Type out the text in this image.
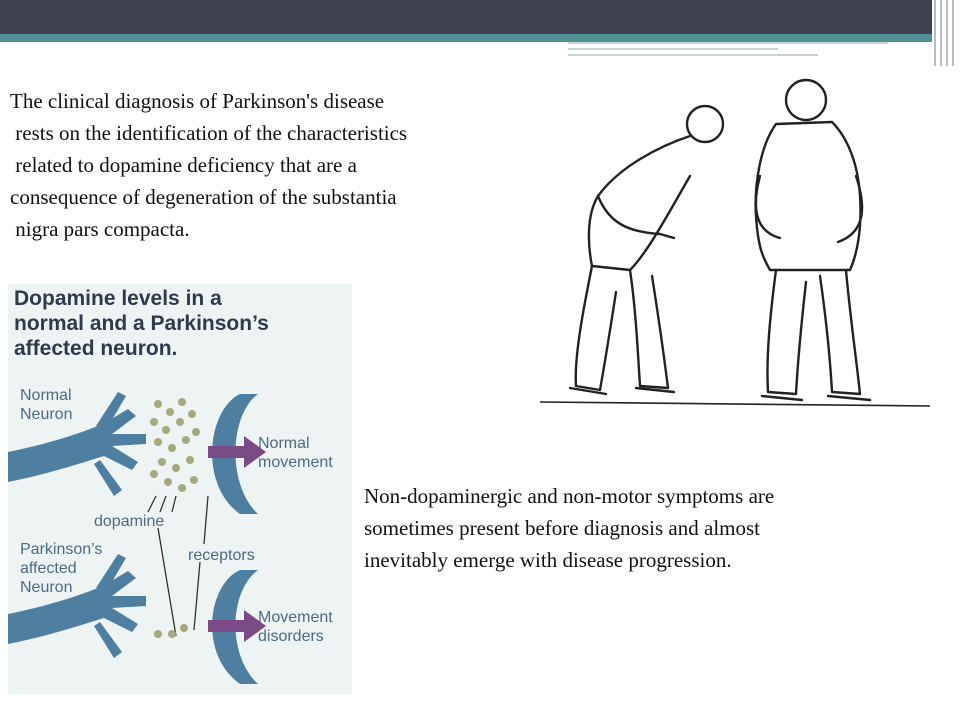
The clinical diagnosis of Parkinson's disease
rests on the identification of the characteristics
related to dopamine deficiency that are a
consequence of degeneration of the substantia
nigra pars compacta.

Dopamine levels in a
normal and a Parkinson’s
affected neuron.
Normal
Neuron
Normal
movement
dopamine
receptors
Parkinson’s
affected
Neuron
Movement
disorders

Non-dopaminergic and non-motor symptoms are
sometimes present before diagnosis and almost
inevitably emerge with disease progression.
